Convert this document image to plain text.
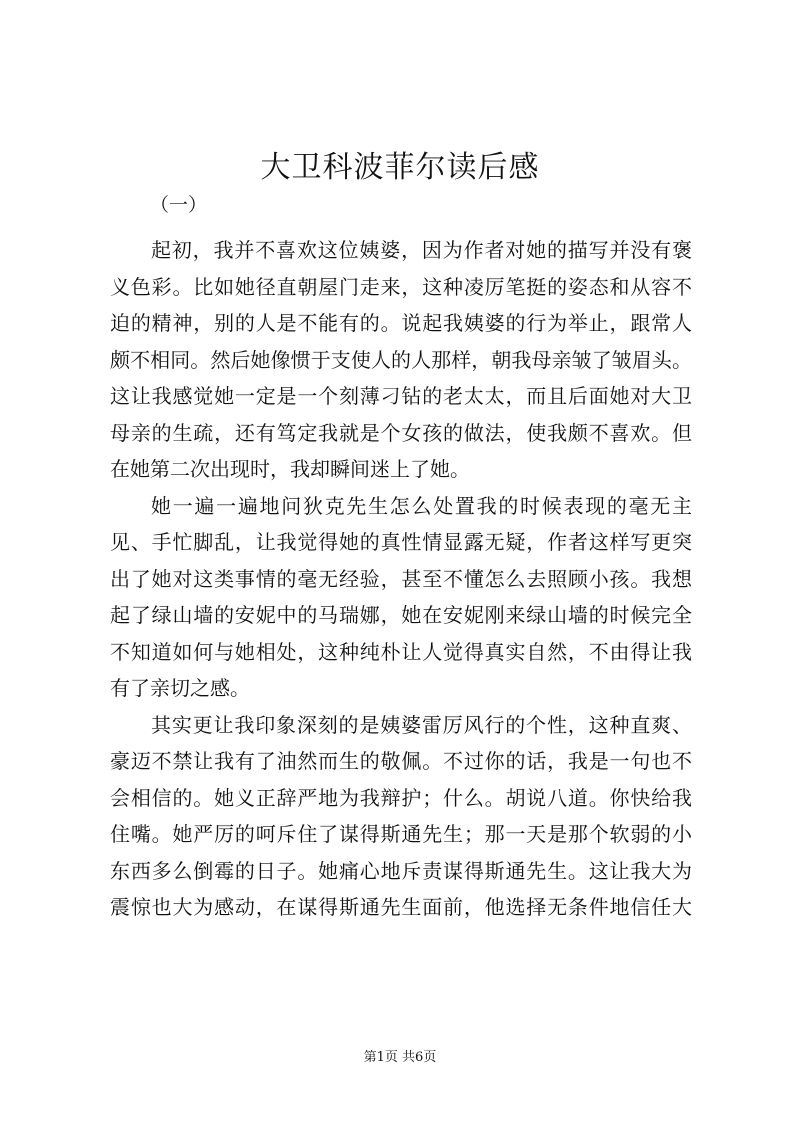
大卫科波菲尔读后感
（一）
起初，我并不喜欢这位姨婆，因为作者对她的描写并没有褒
义色彩。比如她径直朝屋门走来，这种凌厉笔挺的姿态和从容不
迫的精神，别的人是不能有的。说起我姨婆的行为举止，跟常人
颇不相同。然后她像惯于支使人的人那样，朝我母亲皱了皱眉头。
这让我感觉她一定是一个刻薄刁钻的老太太，而且后面她对大卫
母亲的生疏，还有笃定我就是个女孩的做法，使我颇不喜欢。但
在她第二次出现时，我却瞬间迷上了她。
她一遍一遍地问狄克先生怎么处置我的时候表现的毫无主
见、手忙脚乱，让我觉得她的真性情显露无疑，作者这样写更突
出了她对这类事情的毫无经验，甚至不懂怎么去照顾小孩。我想
起了绿山墙的安妮中的马瑞娜，她在安妮刚来绿山墙的时候完全
不知道如何与她相处，这种纯朴让人觉得真实自然，不由得让我
有了亲切之感。
其实更让我印象深刻的是姨婆雷厉风行的个性，这种直爽、
豪迈不禁让我有了油然而生的敬佩。不过你的话，我是一句也不
会相信的。她义正辞严地为我辩护；什么。胡说八道。你快给我
住嘴。她严厉的呵斥住了谋得斯通先生；那一天是那个软弱的小
东西多么倒霉的日子。她痛心地斥责谋得斯通先生。这让我大为
震惊也大为感动，在谋得斯通先生面前，他选择无条件地信任大
第1页 共6页
